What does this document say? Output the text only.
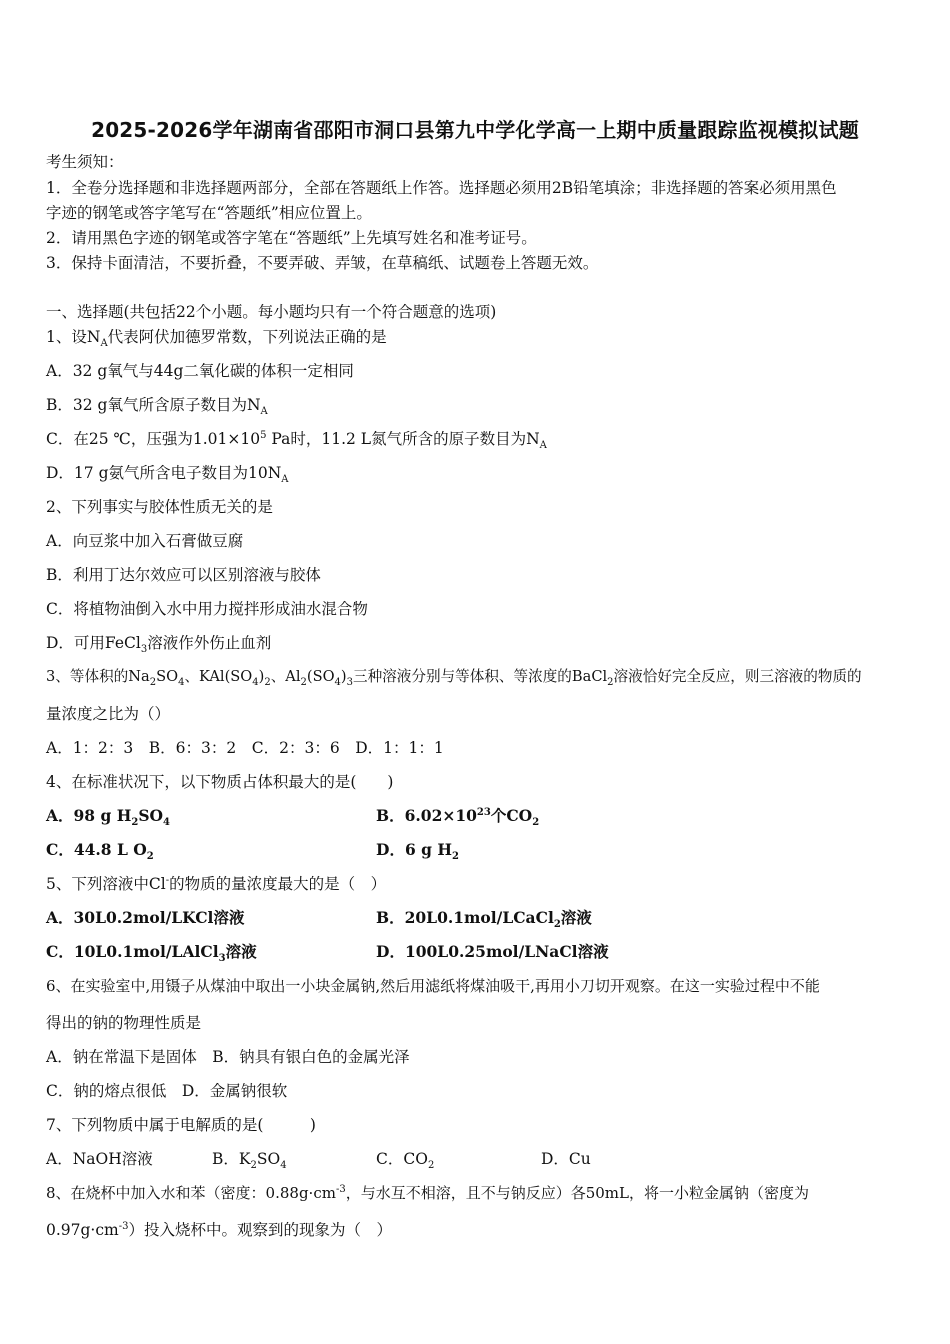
2025-2026学年湖南省邵阳市洞口县第九中学化学高一上期中质量跟踪监视模拟试题
考生须知：
1．全卷分选择题和非选择题两部分，全部在答题纸上作答。选择题必须用2B铅笔填涂；非选择题的答案必须用黑色
字迹的钢笔或答字笔写在“答题纸”相应位置上。
2．请用黑色字迹的钢笔或答字笔在“答题纸”上先填写姓名和准考证号。
3．保持卡面清洁，不要折叠，不要弄破、弄皱，在草稿纸、试题卷上答题无效。
一、选择题(共包括22个小题。每小题均只有一个符合题意的选项)
1、设$N_A$代表阿伏加德罗常数，下列说法正确的是
A．32 g氧气与44g二氧化碳的体积一定相同
B．32 g氧气所含原子数目为$N_A$
C．在25 ℃，压强为$1.01\times 10^5$ Pa时，11.2 L氮气所含的原子数目为$N_A$
D．17 g氨气所含电子数目为$10N_A$
2、下列事实与胶体性质无关的是
A．向豆浆中加入石膏做豆腐
B．利用丁达尔效应可以区别溶液与胶体
C．将植物油倒入水中用力搅拌形成油水混合物
D．可用FeCl$_3$溶液作外伤止血剂
3、等体积的$Na_2SO_4$、$KAl(SO_4)_2$、$Al_2(SO_4)_3$三种溶液分别与等体积、等浓度的BaCl$_2$溶液恰好完全反应，则三溶液的物质的
量浓度之比为（）
A．1：2：3　B．6：3：2　C．2：3：6　D．1：1：1
4、在标准状况下，以下物质占体积最大的是(　　)
A．98 g $H_2SO_4$	B．$6.02\times 10^{23}$个$CO_2$
C．44.8 L $O_2$	D．6 g $H_2$
5、下列溶液中Cl-的物质的量浓度最大的是（　）
A．30L0.2mol/LKCl溶液	B．20L0.1mol/LCaCl$_2$溶液
C．10L0.1mol/LAlCl$_3$溶液	D．100L0.25mol/LNaCl溶液
6、在实验室中,用镊子从煤油中取出一小块金属钠,然后用滤纸将煤油吸干,再用小刀切开观察。在这一实验过程中不能
得出的钠的物理性质是
A．钠在常温下是固体　B．钠具有银白色的金属光泽
C．钠的熔点很低　D．金属钠很软
7、下列物质中属于电解质的是(　　　)
A．NaOH溶液	B．$K_2SO_4$	C．$CO_2$	D．Cu
8、在烧杯中加入水和苯（密度：$0.88g\cdot cm^{-3}$，与水互不相溶，且不与钠反应）各50mL，将一小粒金属钠（密度为
$0.97g\cdot cm^{-3}$）投入烧杯中。观察到的现象为（　）
